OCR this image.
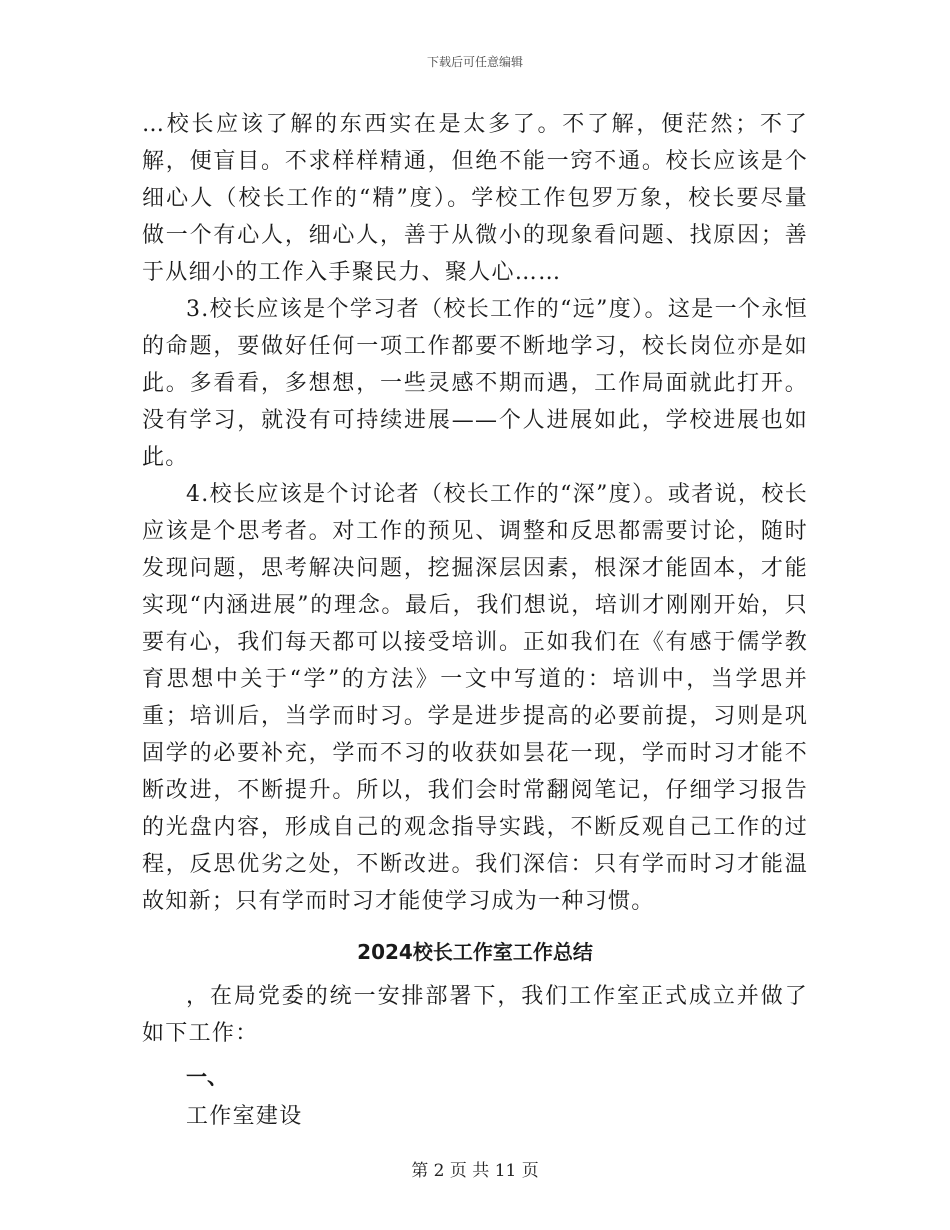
下载后可任意编辑

…校长应该了解的东西实在是太多了。不了解，便茫然；不了解，便盲目。不求样样精通，但绝不能一窍不通。校长应该是个细心人（校长工作的“精”度）。学校工作包罗万象，校长要尽量做一个有心人，细心人，善于从微小的现象看问题、找原因；善于从细小的工作入手聚民力、聚人心……

3.校长应该是个学习者（校长工作的“远”度）。这是一个永恒的命题，要做好任何一项工作都要不断地学习，校长岗位亦是如此。多看看，多想想，一些灵感不期而遇，工作局面就此打开。没有学习，就没有可持续进展——个人进展如此，学校进展也如此。

4.校长应该是个讨论者（校长工作的“深”度）。或者说，校长应该是个思考者。对工作的预见、调整和反思都需要讨论，随时发现问题，思考解决问题，挖掘深层因素，根深才能固本，才能实现“内涵进展”的理念。最后，我们想说，培训才刚刚开始，只要有心，我们每天都可以接受培训。正如我们在《有感于儒学教育思想中关于“学”的方法》一文中写道的：培训中，当学思并重；培训后，当学而时习。学是进步提高的必要前提，习则是巩固学的必要补充，学而不习的收获如昙花一现，学而时习才能不断改进，不断提升。所以，我们会时常翻阅笔记，仔细学习报告的光盘内容，形成自己的观念指导实践，不断反观自己工作的过程，反思优劣之处，不断改进。我们深信：只有学而时习才能温故知新；只有学而时习才能使学习成为一种习惯。

2024校长工作室工作总结

，在局党委的统一安排部署下，我们工作室正式成立并做了如下工作：

一、

工作室建设

第 2 页 共 11 页
